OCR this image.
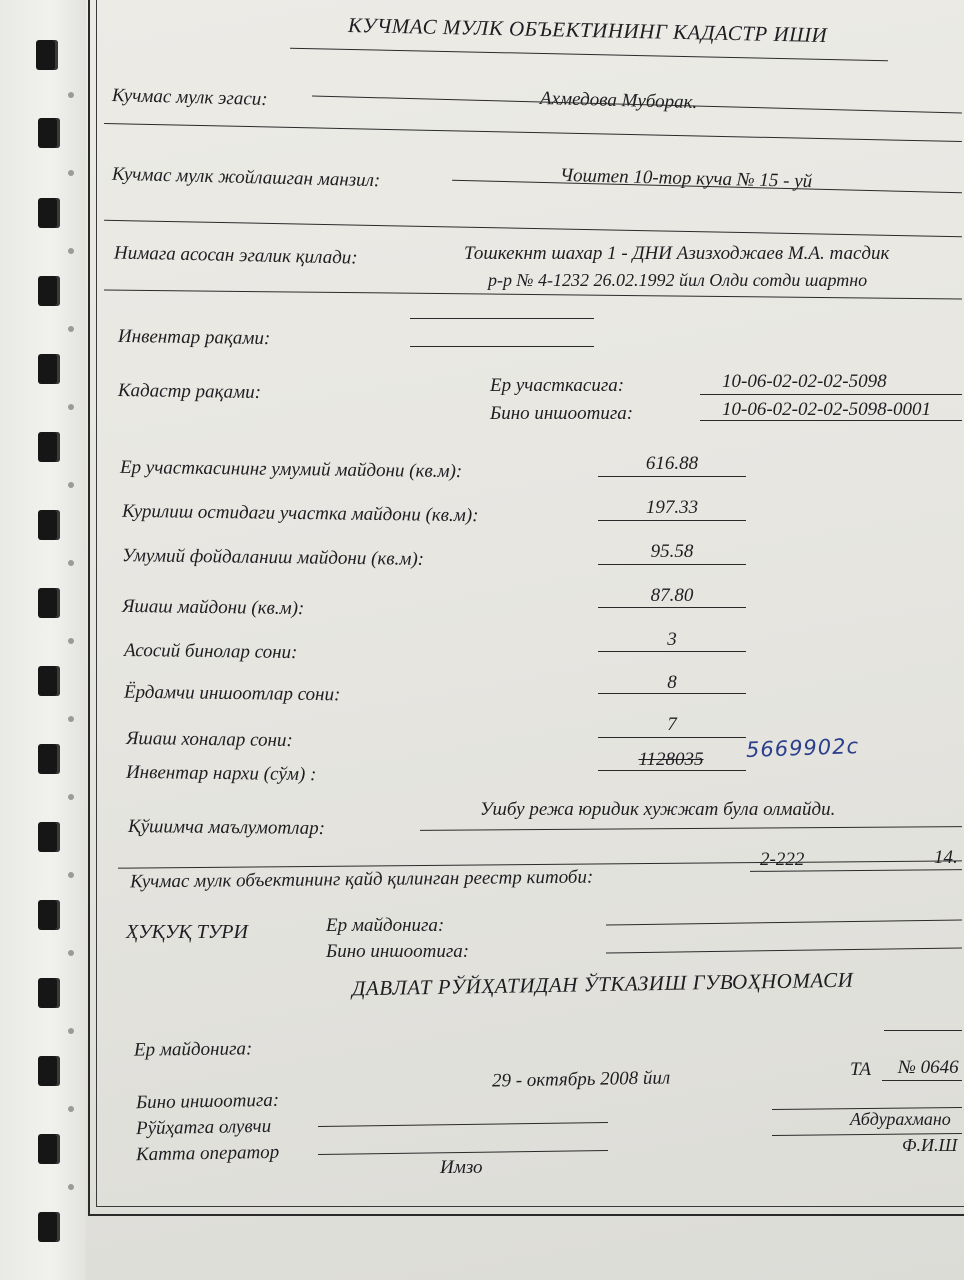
КУЧМАС МУЛК ОБЪЕКТИНИНГ КАДАСТР ИШИ
Кучмас мулк эгаси:	Ахмедова Муборак.
Кучмас мулк жойлашган манзил:	Чоштеп 10-тор куча № 15 - уй
Нимага асосан эгалик қилади:	Тошкекнт шахар 1 - ДНИ Азизходжаев М.А. тасдик
р-р № 4-1232 26.02.1992 йил Олди сотди шартно
Инвентар рақами:
Кадастр рақами:	Ер участкасига:	10-06-02-02-02-5098
Бино иншоотига:	10-06-02-02-02-5098-0001
Ер участкасининг умумий майдони (кв.м):	616.88
Курилиш остидаги участка майдони (кв.м):	197.33
Умумий фойдаланиш майдони (кв.м):	95.58
Яшаш майдони (кв.м):
87.80
Асосий бинолар сони:
3
Ёрдамчи иншоотлар сони:	8
Яшаш хоналар сони:
7
Инвентар нархи (сўм) :
1128035	5669902с
Қўшимча маълумотлар:
Ушбу режа юридик хужжат була олмайди.
Кучмас мулк объектининг қайд қилинган реестр китоби:
2-222	14.
ҲУҚУҚ ТУРИ	Ер майдонига:
Бино иншоотига:
ДАВЛАТ РЎЙҲАТИДАН ЎТКАЗИШ ГУВОҲНОМАСИ
Ер майдонига:
29 - октябрь 2008 йил	ТА № 0646
Бино иншоотига:
Рўйҳатга олувчи	Абдурахмано
Ф.И.Ш
Катта оператор
Имзо
